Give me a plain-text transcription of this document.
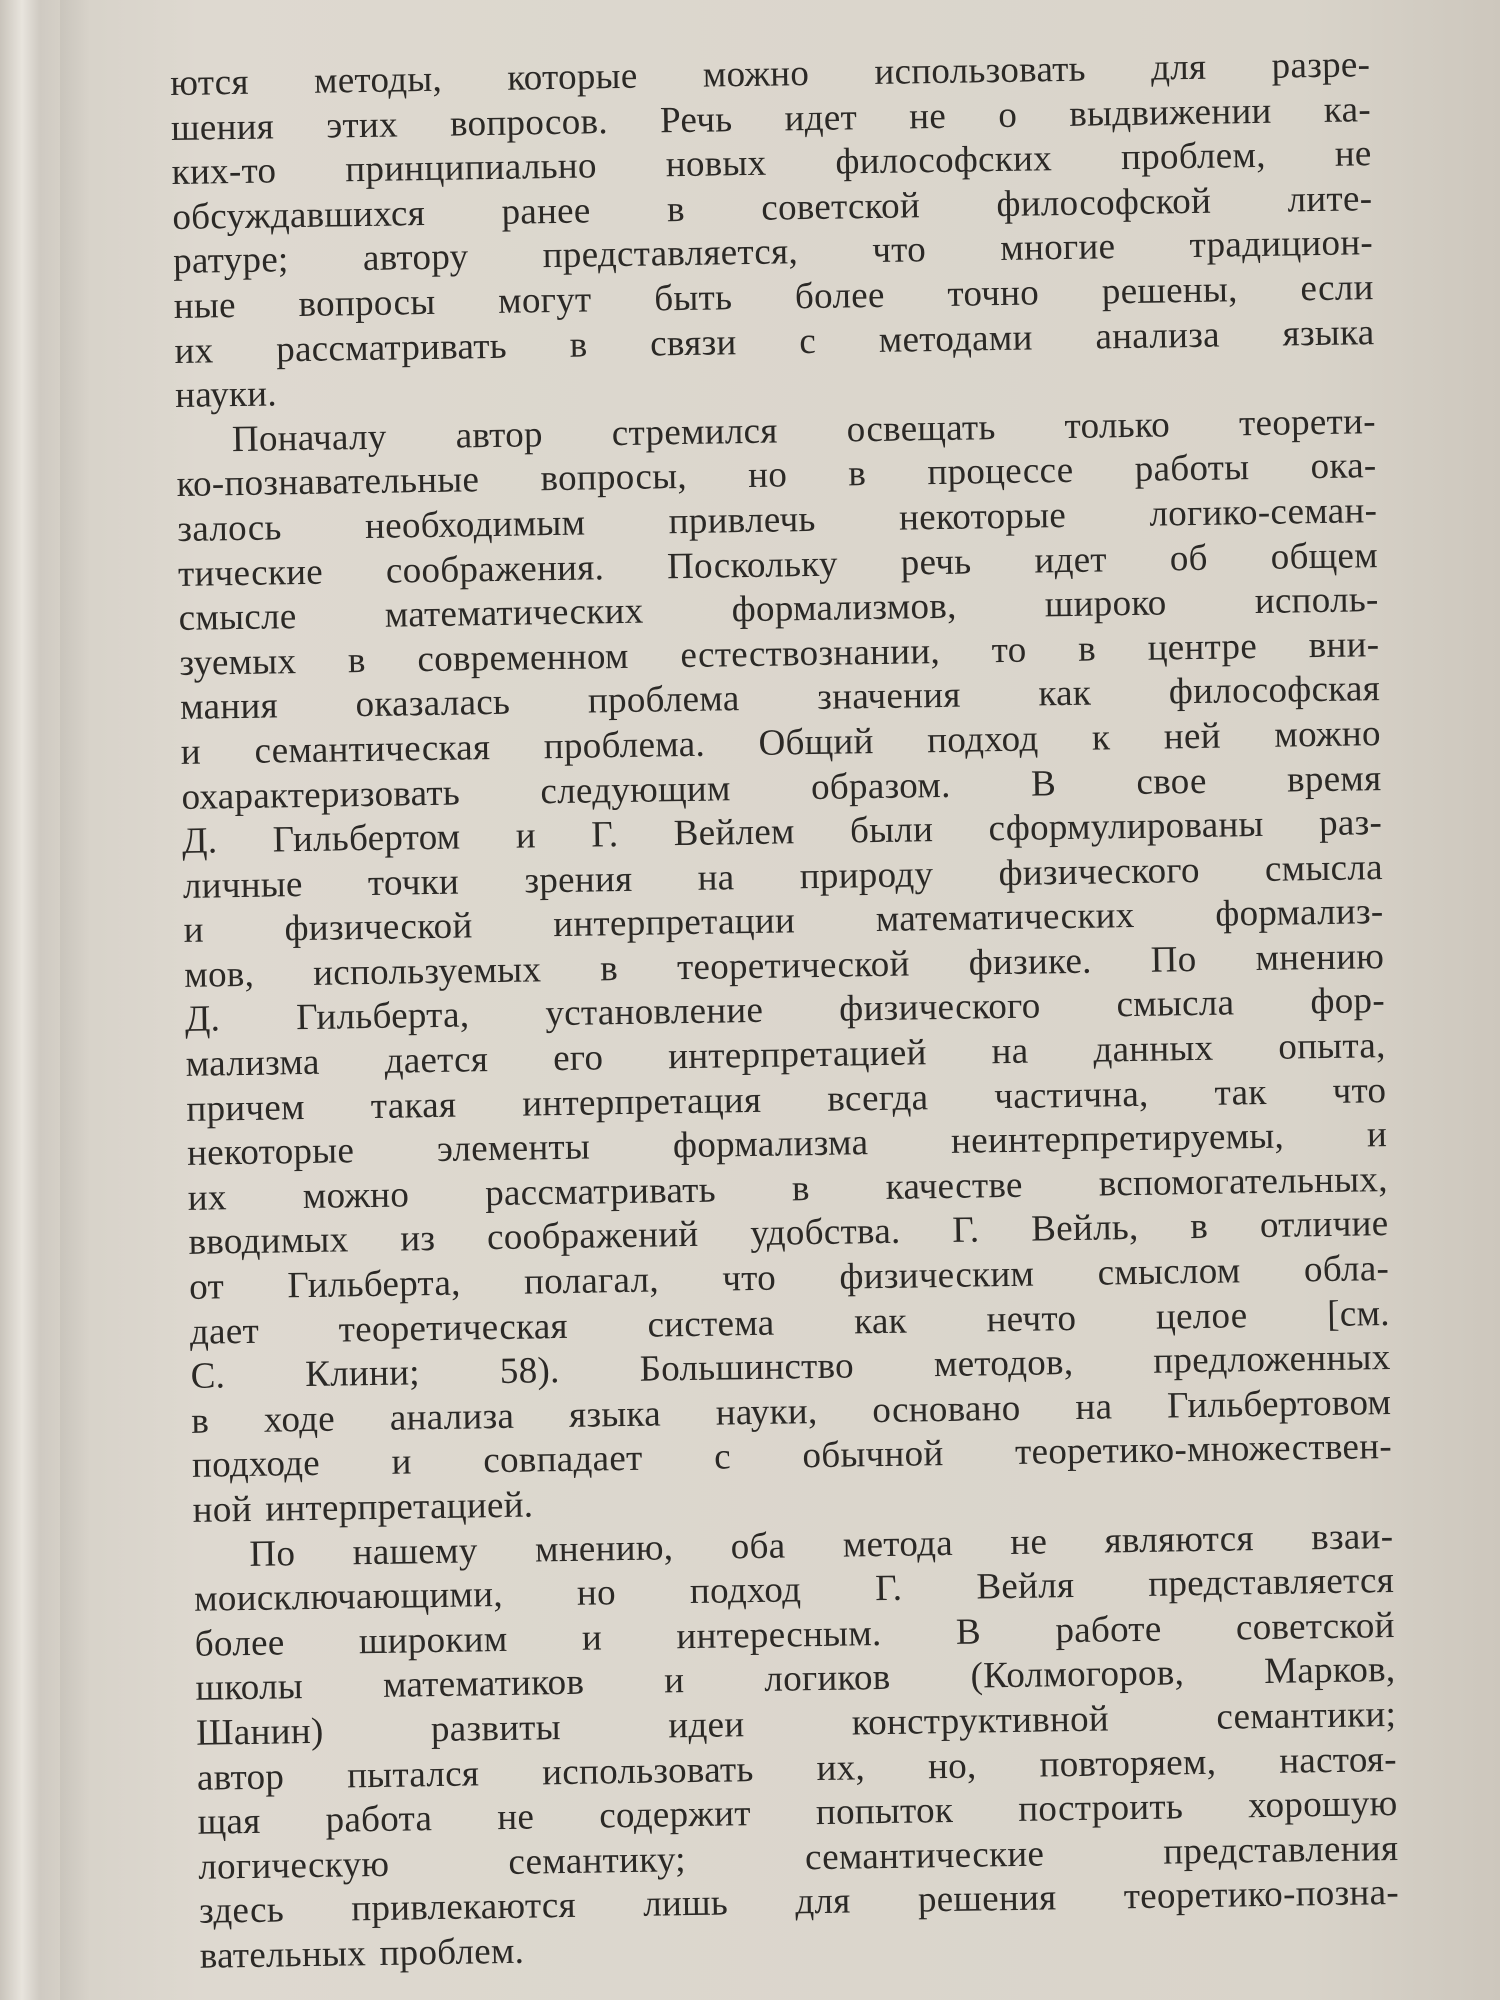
ются методы, которые можно использовать для разре-
шения этих вопросов. Речь идет не о выдвижении ка-
ких-то принципиально новых философских проблем, не
обсуждавшихся ранее в советской философской лите-
ратуре; автору представляется, что многие традицион-
ные вопросы могут быть более точно решены, если
их рассматривать в связи с методами анализа языка
науки.
Поначалу автор стремился освещать только теорети-
ко-познавательные вопросы, но в процессе работы ока-
залось необходимым привлечь некоторые логико-семан-
тические соображения. Поскольку речь идет об общем
смысле математических формализмов, широко исполь-
зуемых в современном естествознании, то в центре вни-
мания оказалась проблема значения как философская
и семантическая проблема. Общий подход к ней можно
охарактеризовать следующим образом. В свое время
Д. Гильбертом и Г. Вейлем были сформулированы раз-
личные точки зрения на природу физического смысла
и физической интерпретации математических формализ-
мов, используемых в теоретической физике. По мнению
Д. Гильберта, установление физического смысла фор-
мализма дается его интерпретацией на данных опыта,
причем такая интерпретация всегда частична, так что
некоторые элементы формализма неинтерпретируемы, и
их можно рассматривать в качестве вспомогательных,
вводимых из соображений удобства. Г. Вейль, в отличие
от Гильберта, полагал, что физическим смыслом обла-
дает теоретическая система как нечто целое [см.
С. Клини; 58). Большинство методов, предложенных
в ходе анализа языка науки, основано на Гильбертовом
подходе и совпадает с обычной теоретико-множествен-
ной интерпретацией.
По нашему мнению, оба метода не являются взаи-
моисключающими, но подход Г. Вейля представляется
более широким и интересным. В работе советской
школы математиков и логиков (Колмогоров, Марков,
Шанин) развиты идеи конструктивной семантики;
автор пытался использовать их, но, повторяем, настоя-
щая работа не содержит попыток построить хорошую
логическую семантику; семантические представления
здесь привлекаются лишь для решения теоретико-позна-
вательных проблем.
